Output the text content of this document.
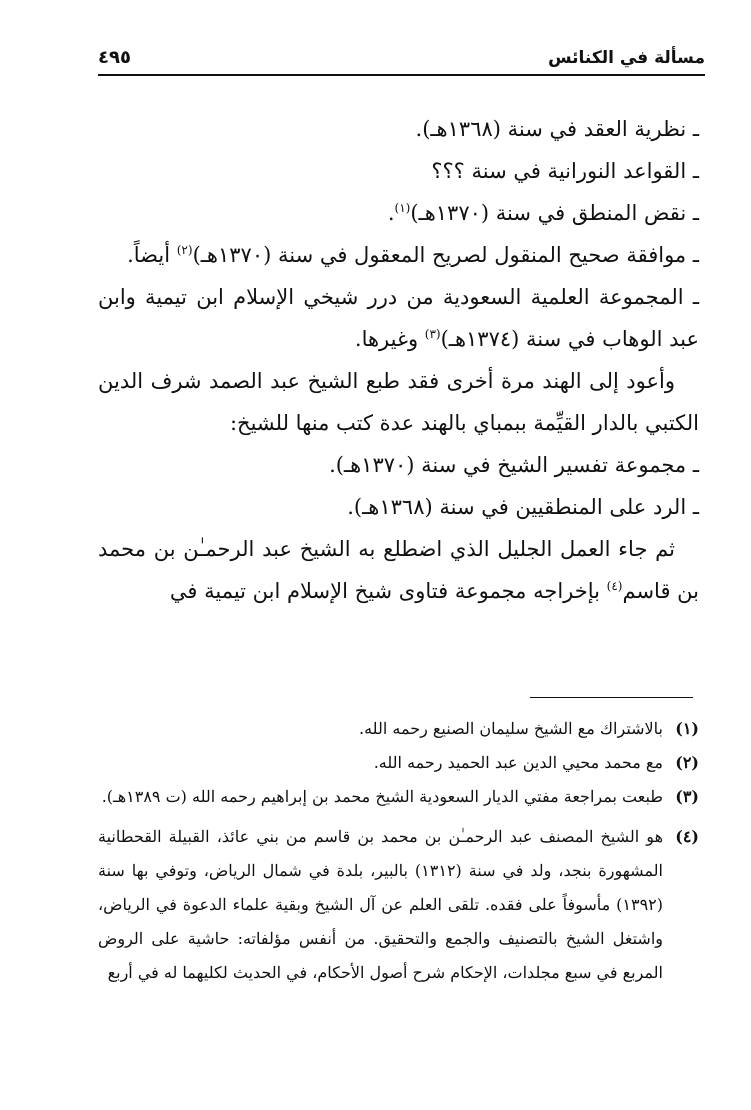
مسألة في الكنائس
٤٩٥

ـ نظرية العقد في سنة (١٣٦٨هـ).

ـ القواعد النورانية في سنة ؟؟؟

ـ نقض المنطق في سنة (١٣٧٠هـ)$^{(١)}$.

ـ موافقة صحيح المنقول لصريح المعقول في سنة (١٣٧٠هـ)$^{(٢)}$ أيضاً.

ـ المجموعة العلمية السعودية من درر شيخي الإسلام ابن تيمية وابن عبد الوهاب في سنة (١٣٧٤هـ)$^{(٣)}$ وغيرها.

وأعود إلى الهند مرة أخرى فقد طبع الشيخ عبد الصمد شرف الدين الكتبي بالدار القيِّمة ببمباي بالهند عدة كتب منها للشيخ:

ـ مجموعة تفسير الشيخ في سنة (١٣٧٠هـ).

ـ الرد على المنطقيين في سنة (١٣٦٨هـ).

ثم جاء العمل الجليل الذي اضطلع به الشيخ عبد الرحمـٰن بن محمد بن قاسم$^{(٤)}$ بإخراجه مجموعة فتاوى شيخ الإسلام ابن تيمية في

(١)
بالاشتراك مع الشيخ سليمان الصنيع رحمه الله.
(٢)
مع محمد محيي الدين عبد الحميد رحمه الله.
(٣)
طبعت بمراجعة مفتي الديار السعودية الشيخ محمد بن إبراهيم رحمه الله (ت ١٣٨٩هـ).
(٤)
هو الشيخ المصنف عبد الرحمـٰن بن محمد بن قاسم من بني عائذ، القبيلة القحطانية المشهورة بنجد، ولد في سنة (١٣١٢) بالبير، بلدة في شمال الرياض، وتوفي بها سنة (١٣٩٢) مأسوفاً على فقده. تلقى العلم عن آل الشيخ وبقية علماء الدعوة في الرياض، واشتغل الشيخ بالتصنيف والجمع والتحقيق. من أنفس مؤلفاته: حاشية على الروض المربع في سبع مجلدات، الإحكام شرح أصول الأحكام، في الحديث لكليهما له في أربع
